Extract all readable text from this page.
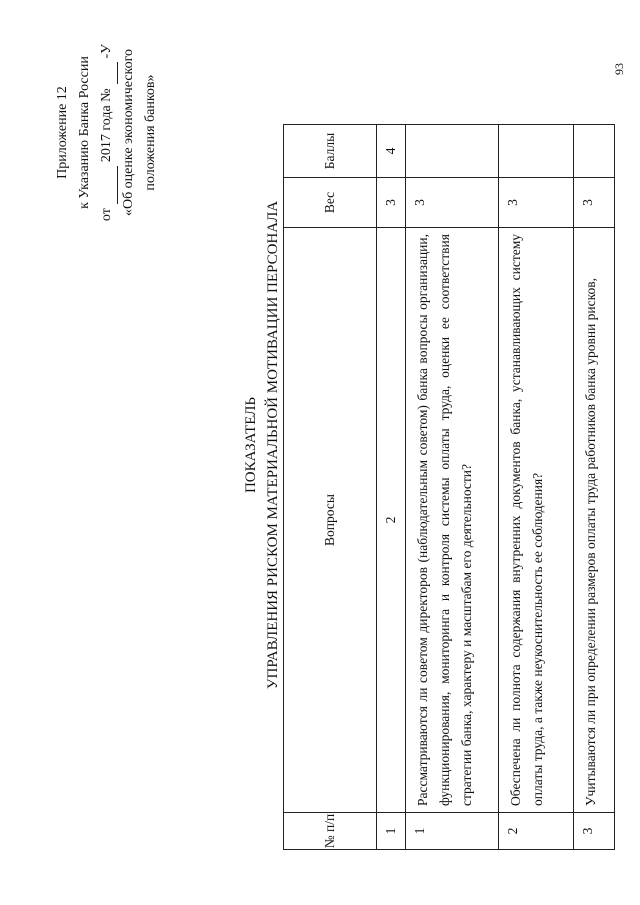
Приложение 12 к Указанию Банка России
от
2017 года №
-У «Об оценке экономического положения банков»
ПОКАЗАТЕЛЬ УПРАВЛЕНИЯ РИСКОМ МАТЕРИАЛЬНОЙ МОТИВАЦИИ ПЕРСОНАЛА
№ п/п	Вопросы	Вес	Баллы
1	2	3	4
1	Рассматриваются ли советом директоров (наблюдательным советом) банка вопросы организации, функционирования, мониторинга и контроля системы оплаты труда, оценки ее соответствия стратегии банка, характеру и масштабам его деятельности?	3	
2	Обеспечена ли полнота содержания внутренних документов банка, устанавливающих систему оплаты труда, а также неукоснительность ее соблюдения?	3	
3	Учитываются ли при определении размеров оплаты труда работников банка уровни рисков,	3	
93
